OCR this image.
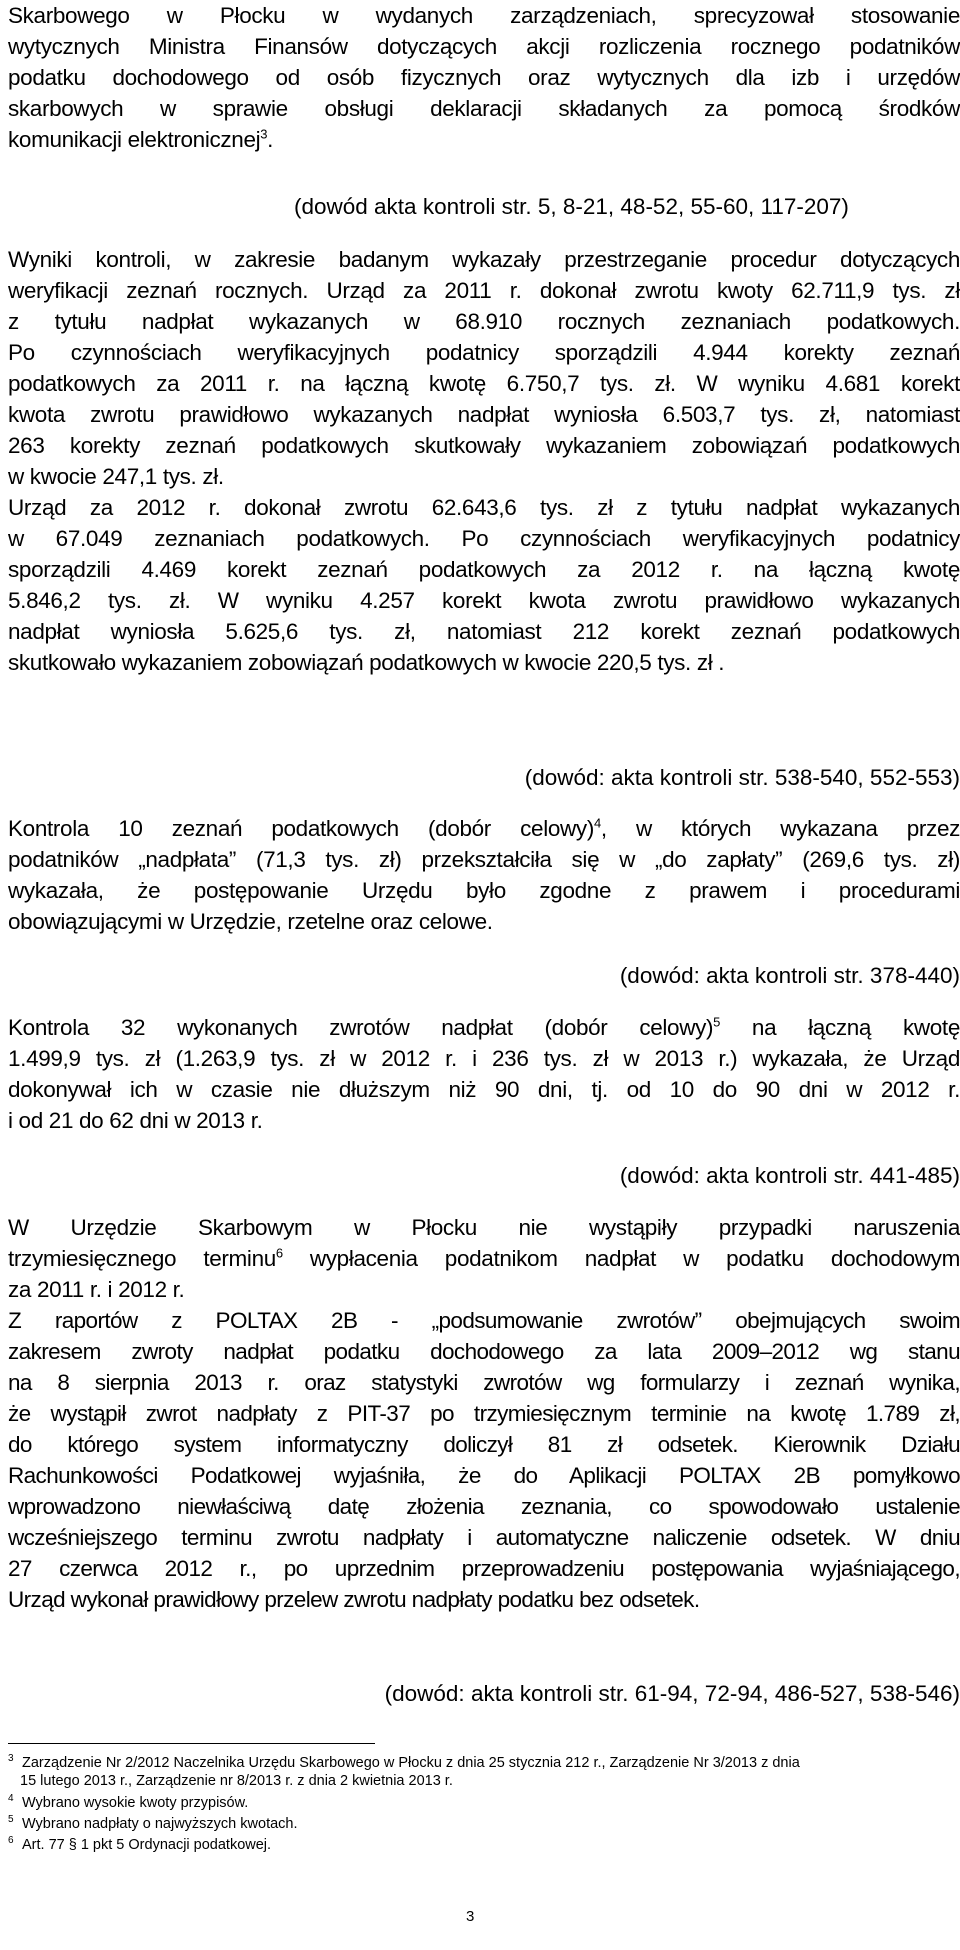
Skarbowego w Płocku w wydanych zarządzeniach, sprecyzował stosowanie
wytycznych Ministra Finansów dotyczących akcji rozliczenia rocznego podatników
podatku dochodowego od osób fizycznych oraz wytycznych dla izb i urzędów
skarbowych w sprawie obsługi deklaracji składanych za pomocą środków
komunikacji elektronicznej$^3$.
(dowód akta kontroli str. 5, 8-21, 48-52, 55-60, 117-207)
Wyniki kontroli, w zakresie badanym wykazały przestrzeganie procedur dotyczących
weryfikacji zeznań rocznych. Urząd za 2011 r. dokonał zwrotu kwoty 62.711,9 tys. zł
z tytułu nadpłat wykazanych w 68.910 rocznych zeznaniach podatkowych.
Po czynnościach weryfikacyjnych podatnicy sporządzili 4.944 korekty zeznań
podatkowych za 2011 r. na łączną kwotę 6.750,7 tys. zł. W wyniku 4.681 korekt
kwota zwrotu prawidłowo wykazanych nadpłat wyniosła 6.503,7 tys. zł, natomiast
263 korekty zeznań podatkowych skutkowały wykazaniem zobowiązań podatkowych
w kwocie 247,1 tys. zł.
Urząd za 2012 r. dokonał zwrotu 62.643,6 tys. zł z tytułu nadpłat wykazanych
w 67.049 zeznaniach podatkowych. Po czynnościach weryfikacyjnych podatnicy
sporządzili 4.469 korekt zeznań podatkowych za 2012 r. na łączną kwotę
5.846,2 tys. zł. W wyniku 4.257 korekt kwota zwrotu prawidłowo wykazanych
nadpłat wyniosła 5.625,6 tys. zł, natomiast 212 korekt zeznań podatkowych
skutkowało wykazaniem zobowiązań podatkowych w kwocie 220,5 tys. zł .
(dowód: akta kontroli str. 538-540, 552-553)
Kontrola 10 zeznań podatkowych (dobór celowy)$^4$, w których wykazana przez
podatników „nadpłata” (71,3 tys. zł) przekształciła się w „do zapłaty” (269,6 tys. zł)
wykazała, że postępowanie Urzędu było zgodne z prawem i procedurami
obowiązującymi w Urzędzie, rzetelne oraz celowe.
(dowód: akta kontroli str. 378-440)
Kontrola 32 wykonanych zwrotów nadpłat (dobór celowy)$^5$ na łączną kwotę
1.499,9 tys. zł (1.263,9 tys. zł w 2012 r. i 236 tys. zł w 2013 r.) wykazała, że Urząd
dokonywał ich w czasie nie dłuższym niż 90 dni, tj. od 10 do 90 dni w 2012 r.
i od 21 do 62 dni w 2013 r.
(dowód: akta kontroli str. 441-485)
W Urzędzie Skarbowym w Płocku nie wystąpiły przypadki naruszenia
trzymiesięcznego terminu$^6$ wypłacenia podatnikom nadpłat w podatku dochodowym
za 2011 r. i 2012 r.
Z raportów z POLTAX 2B - „podsumowanie zwrotów” obejmujących swoim
zakresem zwroty nadpłat podatku dochodowego za lata 2009–2012 wg stanu
na 8 sierpnia 2013 r. oraz statystyki zwrotów wg formularzy i zeznań wynika,
że wystąpił zwrot nadpłaty z PIT-37 po trzymiesięcznym terminie na kwotę 1.789 zł,
do którego system informatyczny doliczył 81 zł odsetek. Kierownik Działu
Rachunkowości Podatkowej wyjaśniła, że do Aplikacji POLTAX 2B pomyłkowo
wprowadzono niewłaściwą datę złożenia zeznania, co spowodowało ustalenie
wcześniejszego terminu zwrotu nadpłaty i automatyczne naliczenie odsetek. W dniu
27 czerwca 2012 r., po uprzednim przeprowadzeniu postępowania wyjaśniającego,
Urząd wykonał prawidłowy przelew zwrotu nadpłaty podatku bez odsetek.
(dowód: akta kontroli str. 61-94, 72-94, 486-527, 538-546)
3 Zarządzenie Nr 2/2012 Naczelnika Urzędu Skarbowego w Płocku z dnia 25 stycznia 212 r., Zarządzenie Nr 3/2013 z dnia
15 lutego 2013 r., Zarządzenie nr 8/2013 r. z dnia 2 kwietnia 2013 r.
4 Wybrano wysokie kwoty przypisów.
5 Wybrano nadpłaty o najwyższych kwotach.
6 Art. 77 § 1 pkt 5 Ordynacji podatkowej.
3
